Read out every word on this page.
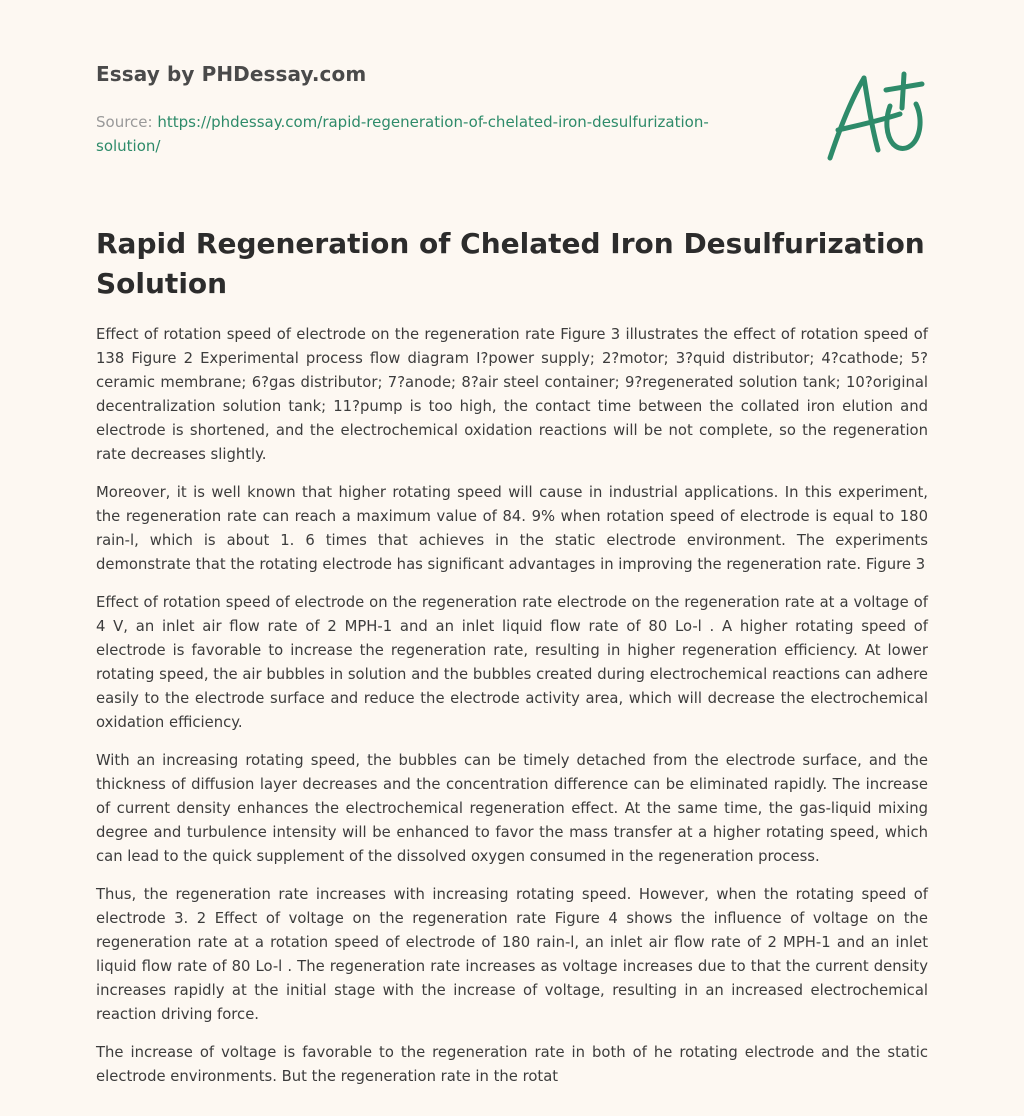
Essay by PHDessay.com
Source: https://phdessay.com/rapid-regeneration-of-chelated-iron-desulfurization-solution/
Rapid Regeneration of Chelated Iron Desulfurization Solution

Effect of rotation speed of electrode on the regeneration rate Figure 3 illustrates the effect of rotation speed of 138 Figure 2 Experimental process flow diagram I?power supply; 2?motor; 3?quid distributor; 4?cathode; 5?ceramic membrane; 6?gas distributor; 7?anode; 8?air steel container; 9?regenerated solution tank; 10?original decentralization solution tank; 11?pump is too high, the contact time between the collated iron elution and electrode is shortened, and the electrochemical oxidation reactions will be not complete, so the regeneration rate decreases slightly.

Moreover, it is well known that higher rotating speed will cause in industrial applications. In this experiment, the regeneration rate can reach a maximum value of 84. 9% when rotation speed of electrode is equal to 180 rain-l, which is about 1. 6 times that achieves in the static electrode environment. The experiments demonstrate that the rotating electrode has significant advantages in improving the regeneration rate. Figure 3

Effect of rotation speed of electrode on the regeneration rate electrode on the regeneration rate at a voltage of 4 V, an inlet air flow rate of 2 MPH-1 and an inlet liquid flow rate of 80 Lo-l . A higher rotating speed of electrode is favorable to increase the regeneration rate, resulting in higher regeneration efficiency. At lower rotating speed, the air bubbles in solution and the bubbles created during electrochemical reactions can adhere easily to the electrode surface and reduce the electrode activity area, which will decrease the electrochemical oxidation efficiency.

With an increasing rotating speed, the bubbles can be timely detached from the electrode surface, and the thickness of diffusion layer decreases and the concentration difference can be eliminated rapidly. The increase of current density enhances the electrochemical regeneration effect. At the same time, the gas-liquid mixing degree and turbulence intensity will be enhanced to favor the mass transfer at a higher rotating speed, which can lead to the quick supplement of the dissolved oxygen consumed in the regeneration process.

Thus, the regeneration rate increases with increasing rotating speed. However, when the rotating speed of electrode 3. 2 Effect of voltage on the regeneration rate Figure 4 shows the influence of voltage on the regeneration rate at a rotation speed of electrode of 180 rain-l, an inlet air flow rate of 2 MPH-1 and an inlet liquid flow rate of 80 Lo-l . The regeneration rate increases as voltage increases due to that the current density increases rapidly at the initial stage with the increase of voltage, resulting in an increased electrochemical reaction driving force.

The increase of voltage is favorable to the regeneration rate in both of he rotating electrode and the static electrode environments. But the regeneration rate in the rotat
